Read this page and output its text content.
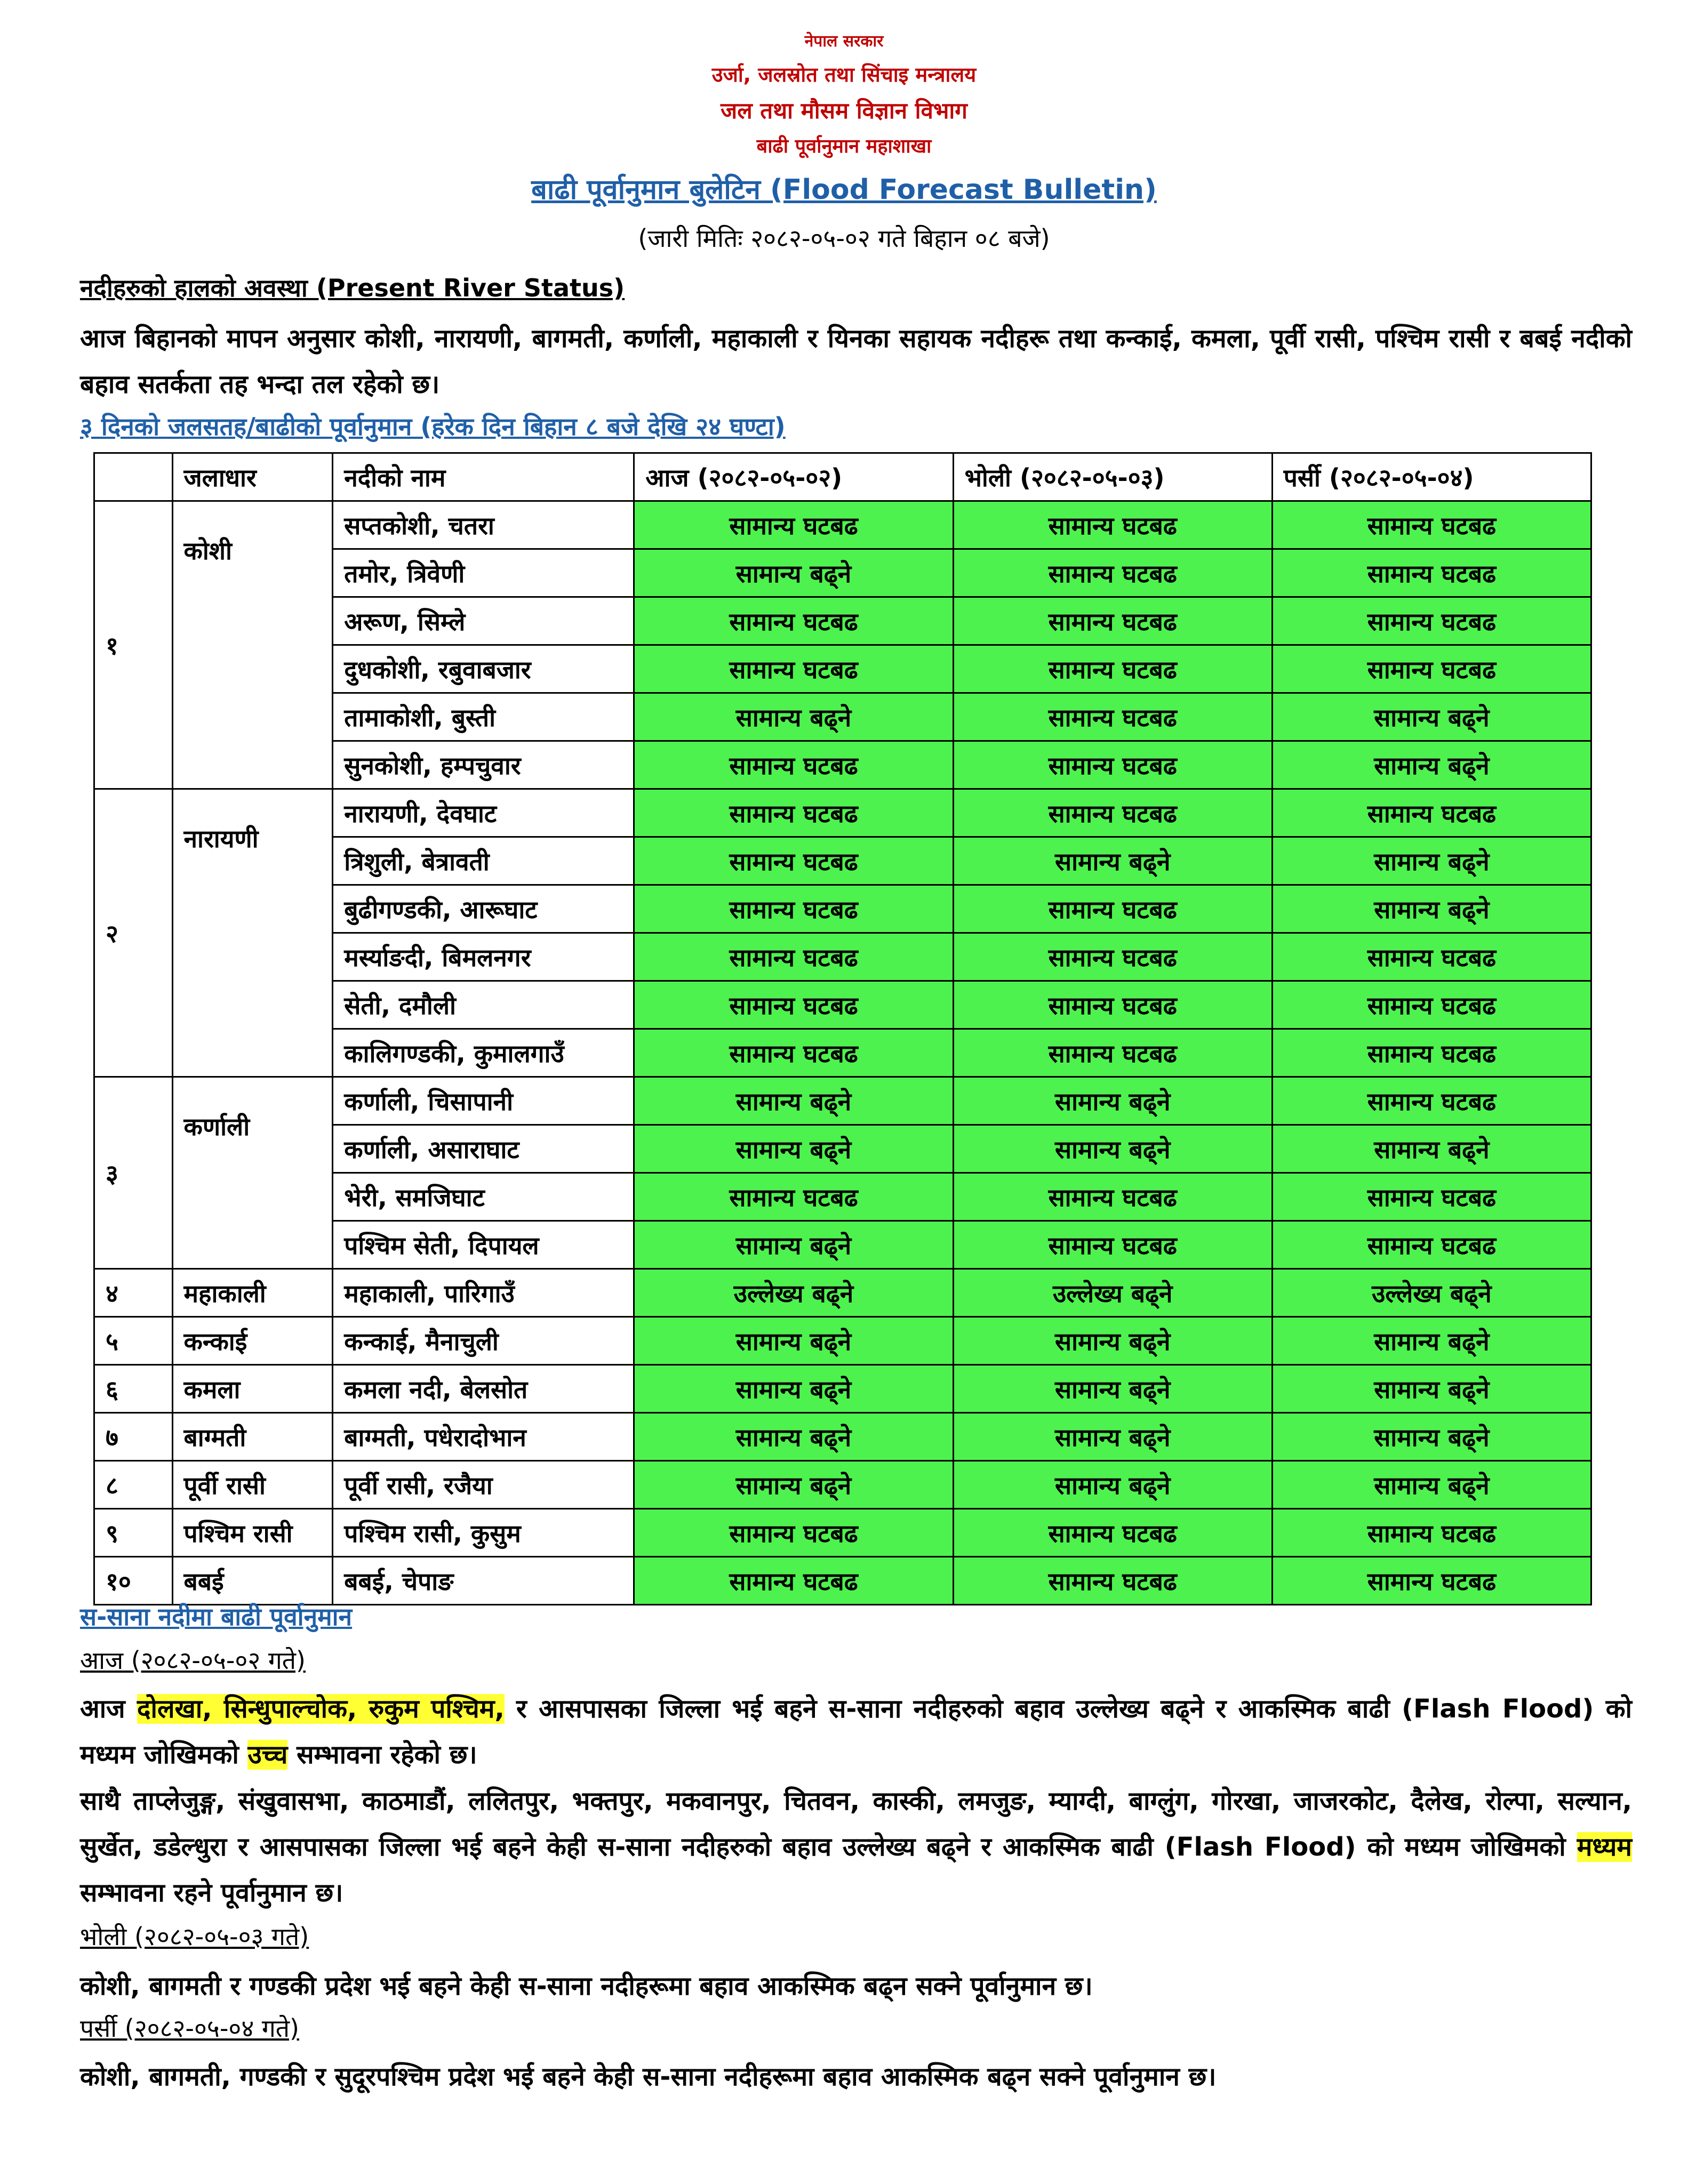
नेपाल सरकार
उर्जा, जलस्रोत तथा सिंचाइ मन्त्रालय
जल तथा मौसम विज्ञान विभाग
बाढी पूर्वानुमान महाशाखा
बाढी पूर्वानुमान बुलेटिन (Flood Forecast Bulletin)
(जारी मितिः २०८२-०५-०२ गते बिहान ०८ बजे)
नदीहरुको हालको अवस्था (Present River Status)
आज बिहानको मापन अनुसार कोशी, नारायणी, बागमती, कर्णाली, महाकाली र यिनका सहायक नदीहरू तथा कन्काई, कमला, पूर्वी रासी, पश्चिम रासी र बबई नदीको बहाव सतर्कता तह भन्दा तल रहेको छ।
३ दिनको जलसतह/बाढीको पूर्वानुमान (हरेक दिन बिहान ८ बजे देखि २४ घण्टा)
	जलाधार	नदीको नाम	आज (२०८२-०५-०२)	भोली (२०८२-०५-०३)	पर्सी (२०८२-०५-०४)
१	कोशी	सप्तकोशी, चतरा	सामान्य घटबढ	सामान्य घटबढ	सामान्य घटबढ
		तमोर, त्रिवेणी	सामान्य बढ्ने	सामान्य घटबढ	सामान्य घटबढ
		अरूण, सिम्ले	सामान्य घटबढ	सामान्य घटबढ	सामान्य घटबढ
		दुधकोशी, रबुवाबजार	सामान्य घटबढ	सामान्य घटबढ	सामान्य घटबढ
		तामाकोशी, बुस्ती	सामान्य बढ्ने	सामान्य घटबढ	सामान्य बढ्ने
		सुनकोशी, हम्पचुवार	सामान्य घटबढ	सामान्य घटबढ	सामान्य बढ्ने
२	नारायणी	नारायणी, देवघाट	सामान्य घटबढ	सामान्य घटबढ	सामान्य घटबढ
		त्रिशुली, बेत्रावती	सामान्य घटबढ	सामान्य बढ्ने	सामान्य बढ्ने
		बुढीगण्डकी, आरूघाट	सामान्य घटबढ	सामान्य घटबढ	सामान्य बढ्ने
		मर्स्याङदी, बिमलनगर	सामान्य घटबढ	सामान्य घटबढ	सामान्य घटबढ
		सेती, दमौली	सामान्य घटबढ	सामान्य घटबढ	सामान्य घटबढ
		कालिगण्डकी, कुमालगाउँ	सामान्य घटबढ	सामान्य घटबढ	सामान्य घटबढ
३	कर्णाली	कर्णाली, चिसापानी	सामान्य बढ्ने	सामान्य बढ्ने	सामान्य घटबढ
		कर्णाली, असाराघाट	सामान्य बढ्ने	सामान्य बढ्ने	सामान्य बढ्ने
		भेरी, समजिघाट	सामान्य घटबढ	सामान्य घटबढ	सामान्य घटबढ
		पश्चिम सेती, दिपायल	सामान्य बढ्ने	सामान्य घटबढ	सामान्य घटबढ
४	महाकाली	महाकाली, पारिगाउँ	उल्लेख्य बढ्ने	उल्लेख्य बढ्ने	उल्लेख्य बढ्ने
५	कन्काई	कन्काई, मैनाचुली	सामान्य बढ्ने	सामान्य बढ्ने	सामान्य बढ्ने
६	कमला	कमला नदी, बेलसोत	सामान्य बढ्ने	सामान्य बढ्ने	सामान्य बढ्ने
७	बाग्मती	बाग्मती, पधेरादोभान	सामान्य बढ्ने	सामान्य बढ्ने	सामान्य बढ्ने
८	पूर्वी रासी	पूर्वी रासी, रजैया	सामान्य बढ्ने	सामान्य बढ्ने	सामान्य बढ्ने
९	पश्चिम रासी	पश्चिम रासी, कुसुम	सामान्य घटबढ	सामान्य घटबढ	सामान्य घटबढ
१०	बबई	बबई, चेपाङ	सामान्य घटबढ	सामान्य घटबढ	सामान्य घटबढ
स-साना नदीमा बाढी पूर्वानुमान
आज (२०८२-०५-०२ गते)
आज दोलखा, सिन्धुपाल्चोक, रुकुम पश्चिम, र आसपासका जिल्ला भई बहने स-साना नदीहरुको बहाव उल्लेख्य बढ्ने र आकस्मिक बाढी (Flash Flood) को मध्यम जोखिमको उच्च सम्भावना रहेको छ।
साथै ताप्लेजुङ्ग, संखुवासभा, काठमाडौं, ललितपुर, भक्तपुर, मकवानपुर, चितवन, कास्की, लमजुङ, म्याग्दी, बाग्लुंग, गोरखा, जाजरकोट, दैलेख, रोल्पा, सल्यान, सुर्खेत, डडेल्धुरा र आसपासका जिल्ला भई बहने केही स-साना नदीहरुको बहाव उल्लेख्य बढ्ने र आकस्मिक बाढी (Flash Flood) को मध्यम जोखिमको मध्यम सम्भावना रहने पूर्वानुमान छ।
भोली (२०८२-०५-०३ गते)
कोशी, बागमती र गण्डकी प्रदेश भई बहने केही स-साना नदीहरूमा बहाव आकस्मिक बढ्न सक्ने पूर्वानुमान छ।
पर्सी (२०८२-०५-०४ गते)
कोशी, बागमती, गण्डकी र सुदूरपश्चिम प्रदेश भई बहने केही स-साना नदीहरूमा बहाव आकस्मिक बढ्न सक्ने पूर्वानुमान छ।
